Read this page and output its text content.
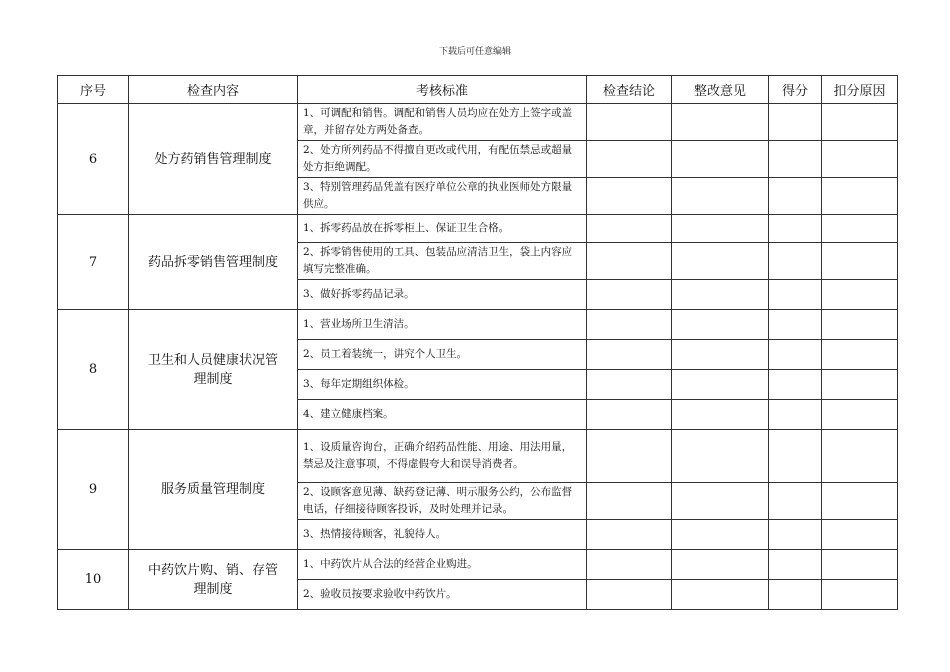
下载后可任意编辑
序号	检查内容	考核标准	检查结论	整改意见	得分	扣分原因
6	处方药销售管理制度	1、可调配和销售。调配和销售人员均应在处方上签字或盖章，并留存处方两处备查。				
		2、处方所列药品不得擅自更改或代用，有配伍禁忌或超量处方拒绝调配。				
		3、特别管理药品凭盖有医疗单位公章的执业医师处方限量供应。				
7	药品拆零销售管理制度	1、拆零药品放在拆零柜上、保证卫生合格。				
		2、拆零销售使用的工具、包装品应清洁卫生，袋上内容应填写完整准确。				
		3、做好拆零药品记录。				
8	卫生和人员健康状况管理制度	1、营业场所卫生清洁。				
		2、员工着装统一，讲究个人卫生。				
		3、每年定期组织体检。				
		4、建立健康档案。				
9	服务质量管理制度	1、设质量咨询台，正确介绍药品性能、用途、用法用量，禁忌及注意事项，不得虚假夸大和误导消费者。				
		2、设顾客意见薄、缺药登记薄、明示服务公约，公布监督电话，仔细接待顾客投诉，及时处理并记录。				
		3、热情接待顾客，礼貌待人。				
10	中药饮片购、销、存管理制度	1、中药饮片从合法的经营企业购进。				
		2、验收员按要求验收中药饮片。				
